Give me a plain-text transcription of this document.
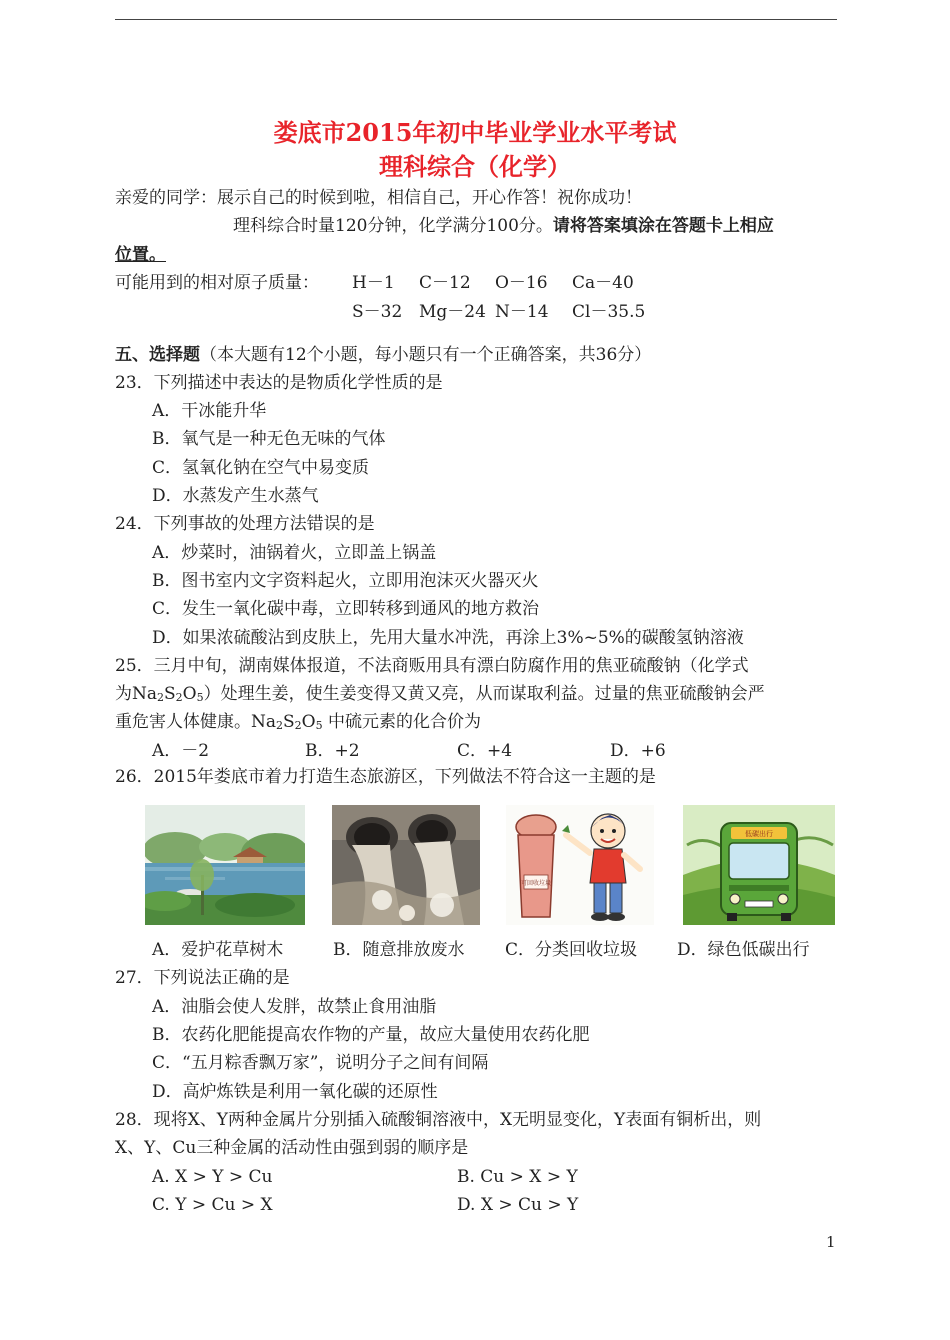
娄底市2015年初中毕业学业水平考试
理科综合（化学）
亲爱的同学：展示自己的时候到啦，相信自己，开心作答！祝你成功！
理科综合时量120分钟，化学满分100分。请将答案填涂在答题卡上相应
位置。
可能用到的相对原子质量： H－1 C－12 O－16 Ca－40
S－32 Mg－24 N－14 Cl－35.5
五、选择题（本大题有12个小题，每小题只有一个正确答案，共36分）
23．下列描述中表达的是物质化学性质的是
A．干冰能升华
B．氧气是一种无色无味的气体
C．氢氧化钠在空气中易变质
D．水蒸发产生水蒸气
24．下列事故的处理方法错误的是
A．炒菜时，油锅着火，立即盖上锅盖
B．图书室内文字资料起火，立即用泡沫灭火器灭火
C．发生一氧化碳中毒，立即转移到通风的地方救治
D．如果浓硫酸沾到皮肤上，先用大量水冲洗，再涂上3%~5%的碳酸氢钠溶液
25．三月中旬，湖南媒体报道，不法商贩用具有漂白防腐作用的焦亚硫酸钠（化学式
为$Na_2S_2O_5$）处理生姜，使生姜变得又黄又亮，从而谋取利益。过量的焦亚硫酸钠会严
重危害人体健康。$Na_2S_2O_5$ 中硫元素的化合价为
A．－2	B．+2	C．+4	D．+6
26．2015年娄底市着力打造生态旅游区，下列做法不符合这一主题的是
可回收垃圾
低碳出行
A．爱护花草树木	B．随意排放废水 C．分类回收垃圾 D．绿色低碳出行
27．下列说法正确的是
A．油脂会使人发胖，故禁止食用油脂
B．农药化肥能提高农作物的产量，故应大量使用农药化肥
C．“五月粽香飘万家”，说明分子之间有间隔
D．高炉炼铁是利用一氧化碳的还原性
28．现将X、Y两种金属片分别插入硫酸铜溶液中，X无明显变化，Y表面有铜析出，则
X、Y、Cu三种金属的活动性由强到弱的顺序是
A. X > Y > Cu	B. Cu > X > Y
C. Y > Cu > X	D. X > Cu > Y
1
